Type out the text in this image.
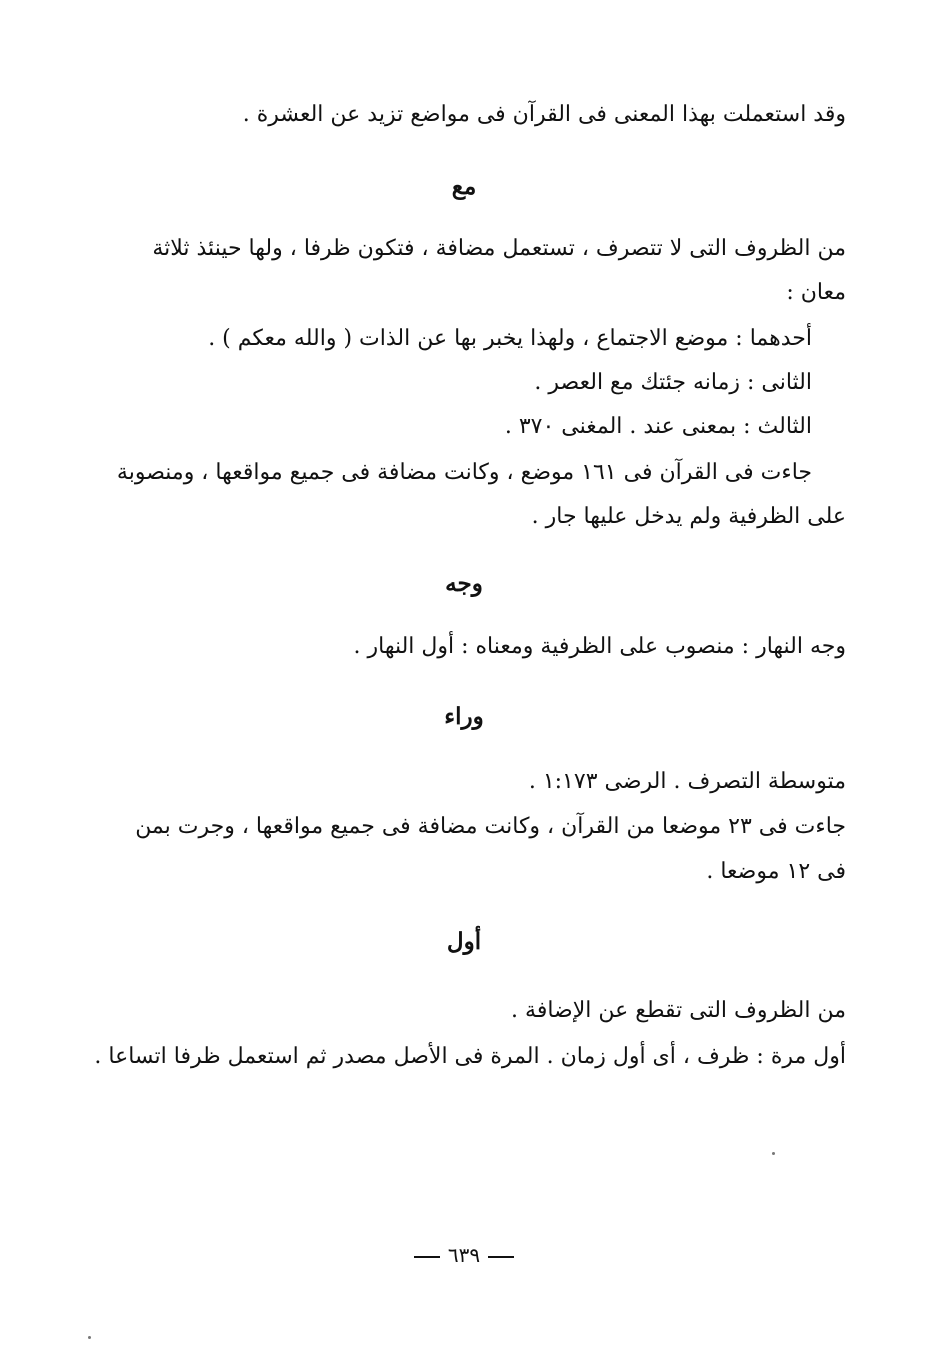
وقد استعملت بهذا المعنى فى القرآن فى مواضع تزيد عن العشرة .
مع
من الظروف التى لا تتصرف ، تستعمل مضافة ، فتكون ظرفا ، ولها حينئذ ثلاثة
معان :
أحدهما : موضع الاجتماع ، ولهذا يخبر بها عن الذات ( والله معكم ) .
الثانى : زمانه جئتك مع العصر .
الثالث : بمعنى عند . المغنى ٣٧٠ .
جاءت فى القرآن فى ١٦١ موضع ، وكانت مضافة فى جميع مواقعها ، ومنصوبة
على الظرفية ولم يدخل عليها جار .
وجه
وجه النهار : منصوب على الظرفية ومعناه : أول النهار .
وراء
متوسطة التصرف . الرضى ١:١٧٣ .
جاءت فى ٢٣ موضعا من القرآن ، وكانت مضافة فى جميع مواقعها ، وجرت بمن
فى ١٢ موضعا .
أول
من الظروف التى تقطع عن الإضافة .
أول مرة : ظرف ، أى أول زمان . المرة فى الأصل مصدر ثم استعمل ظرفا اتساعا .
٦٣٩
